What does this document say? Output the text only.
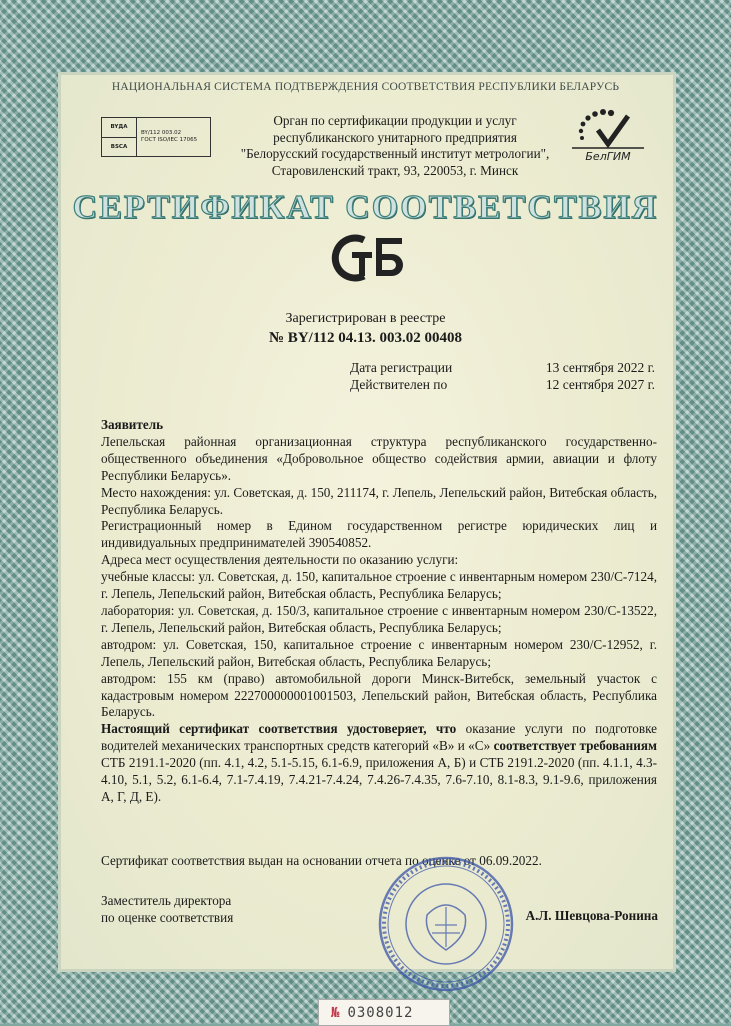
НАЦИОНАЛЬНАЯ СИСТЕМА ПОДТВЕРЖДЕНИЯ СООТВЕТСТВИЯ РЕСПУБЛИКИ БЕЛАРУСЬ
BYДA
BSCA
BY/112 003.02
ГОСТ ISO/IEC 17065
Орган по сертификации продукции и услуг
республиканского унитарного предприятия
"Белорусский государственный институт метрологии",
Старовиленский тракт, 93, 220053, г. Минск
БелГИМ
СЕРТИФИКАТ СООТВЕТСТВИЯ
Зарегистрирован в реестре
№ BY/112 04.13. 003.02 00408
Дата регистрации	13 сентября 2022 г.
Действителен по	12 сентября 2027 г.

Заявитель

Лепельская районная организационная структура республиканского государственно-общественного объединения «Добровольное общество содействия армии, авиации и флоту Республики Беларусь».

Место нахождения: ул. Советская, д. 150, 211174, г. Лепель, Лепельский район, Витебская область, Республика Беларусь.

Регистрационный номер в Едином государственном регистре юридических лиц и индивидуальных предпринимателей 390540852.

Адреса мест осуществления деятельности по оказанию услуги:

учебные классы: ул. Советская, д. 150, капитальное строение с инвентарным номером 230/С-7124, г. Лепель, Лепельский район, Витебская область, Республика Беларусь;

лаборатория: ул. Советская, д. 150/3, капитальное строение с инвентарным номером 230/С-13522, г. Лепель, Лепельский район, Витебская область, Республика Беларусь;

автодром: ул. Советская, 150, капитальное строение с инвентарным номером 230/С-12952, г. Лепель, Лепельский район, Витебская область, Республика Беларусь;

автодром: 155 км (право) автомобильной дороги Минск-Витебск, земельный участок с кадастровым номером 222700000001001503, Лепельский район, Витебская область, Республика Беларусь.

Настоящий сертификат соответствия удостоверяет, что оказание услуги по подготовке водителей механических транспортных средств категорий «В» и «С» соответствует требованиям СТБ 2191.1-2020 (пп. 4.1, 4.2, 5.1-5.15, 6.1-6.9, приложения А, Б) и СТБ 2191.2-2020 (пп. 4.1.1, 4.3-4.10, 5.1, 5.2, 6.1-6.4, 7.1-7.4.19, 7.4.21-7.4.24, 7.4.26-7.4.35, 7.6-7.10, 8.1-8.3, 9.1-9.6, приложения А, Г, Д, Е).

Сертификат соответствия выдан на основании отчета по оценке от 06.09.2022.
Заместитель директора
по оценке соответствия	А.Л. Шевцова-Ронина
№ 0308012
